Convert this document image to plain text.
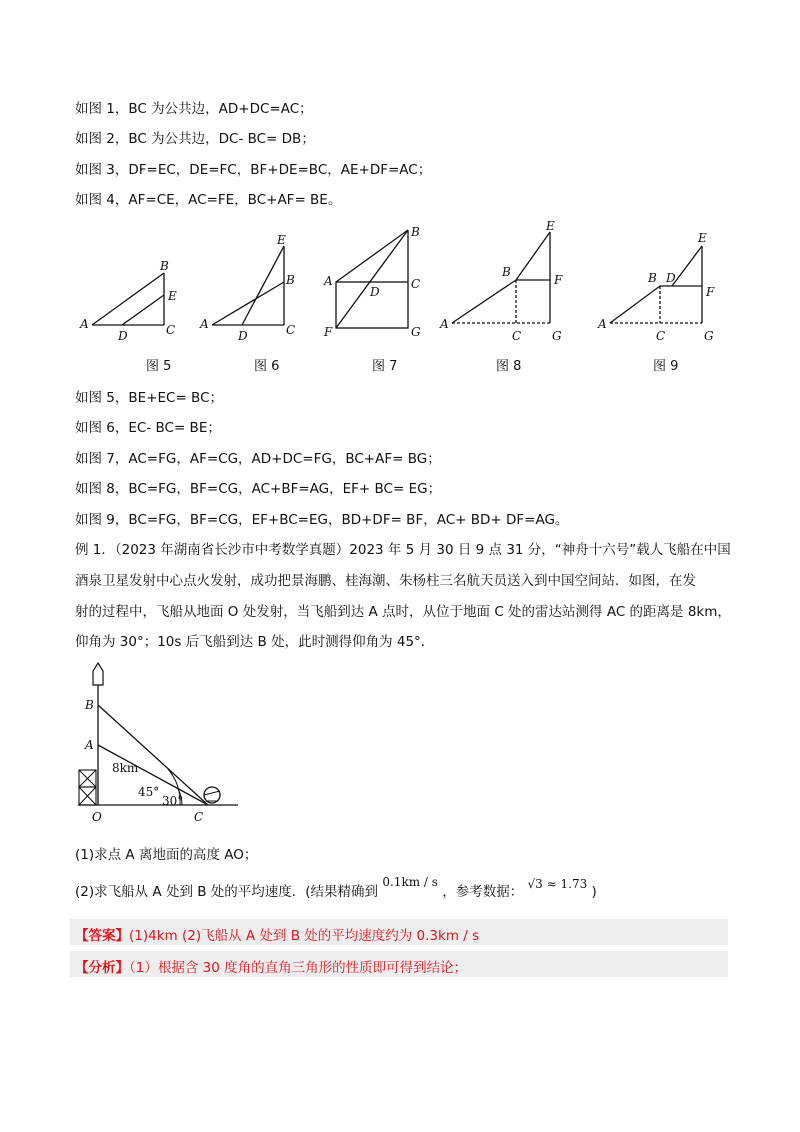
如图 1，BC 为公共边，AD+DC=AC；
如图 2，BC 为公共边，DC- BC= DB；
如图 3，DF=EC，DE=FC，BF+DE=BC，AE+DF=AC；
如图 4，AF=CE，AC=FE，BC+AF= BE。
A
B
E
D	C A
E
B
D	C
A
B
C
D
F	G
A
B
E
F
C	G
A
B D
E
F
C	G
图 5	图 6	图 7	图 8	图 9
如图 5，BE+EC= BC；
如图 6，EC- BC= BE；
如图 7，AC=FG，AF=CG，AD+DC=FG，BC+AF= BG；
如图 8，BC=FG，BF=CG，AC+BF=AG，EF+ BC= EG；
如图 9，BC=FG，BF=CG，EF+BC=EG，BD+DF= BF，AC+ BD+ DF=AG。
例 1．（2023 年湖南省长沙市中考数学真题）2023 年 5 月 30 日 9 点 31 分，“神舟十六号”载人飞船在中国
酒泉卫星发射中心点火发射，成功把景海鹏、桂海潮、朱杨柱三名航天员送入到中国空间站．如图，在发
射的过程中，飞船从地面 O 处发射，当飞船到达 A 点时，从位于地面 C 处的雷达站测得 AC 的距离是 8km，
仰角为 30°；10s 后飞船到达 B 处，此时测得仰角为 45°．
B
A
O	C
8km
45°
30°
(1)求点 A 离地面的高度 AO；
(2)求飞船从 A 处到 B 处的平均速度．(结果精确到 0.1km / s ，参考数据： √3 ≈ 1.73 )
【答案】(1)4km (2)飞船从 A 处到 B 处的平均速度约为 0.3km / s
【分析】（1）根据含 30 度角的直角三角形的性质即可得到结论；
